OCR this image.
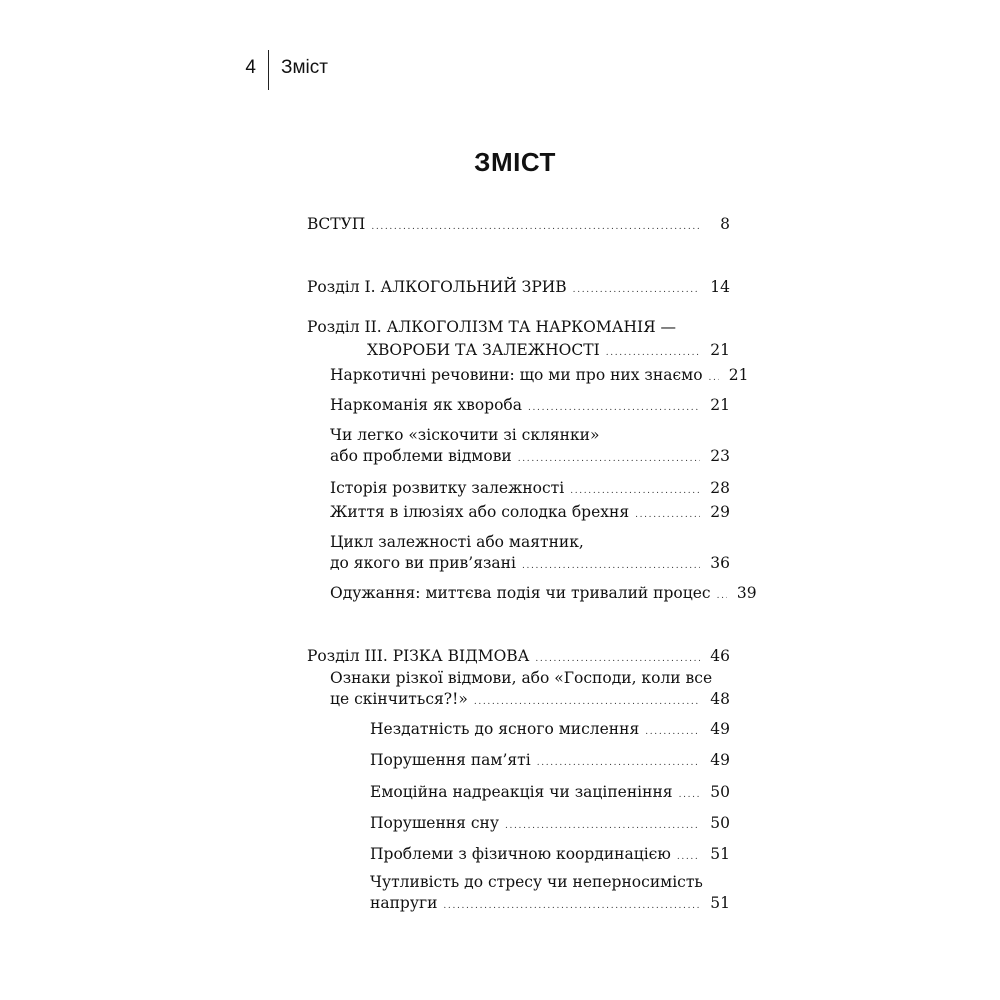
4 Зміст
ЗМІСТ
ВСТУП . . .	8
Розділ І. АЛКОГОЛЬНИЙ ЗРИВ . . .	14
Розділ ІІ. АЛКОГОЛІЗМ ТА НАРКОМАНІЯ —
ХВОРОБИ ТА ЗАЛЕЖНОСТІ . . .	21
Наркотичні речовини: що ми про них знаємо . . . 21
Наркоманія як хвороба . . .	21
Чи легко «зіскочити зі склянки»
або проблеми відмови . . .	23
Історія розвитку залежності . . .	28
Життя в ілюзіях або солодка брехня . . .	29
Цикл залежності або маятник,
до якого ви прив’язані . . .	36
Одужання: миттєва подія чи тривалий процес . . . 39
Розділ ІІІ. РІЗКА ВІДМОВА . . .	46
Ознаки різкої відмови, або «Господи, коли все
це скінчиться?!» . . .	48
Нездатність до ясного мислення . . .	49
Порушення пам’яті . . .	49
Емоційна надреакція чи заціпеніння . . . 50
Порушення сну . . .	50
Проблеми з фізичною координацією . . .	51
Чутливість до стресу чи неперносимість
напруги . . .	51
